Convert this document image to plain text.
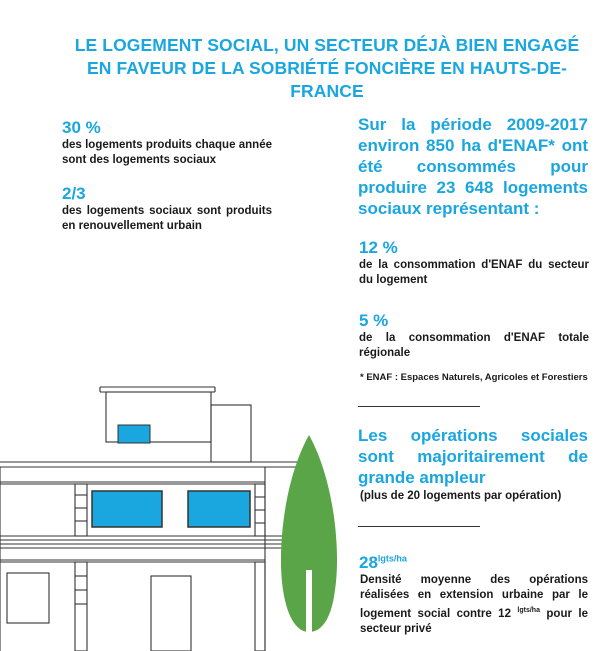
LE LOGEMENT SOCIAL, UN SECTEUR DÉJÀ BIEN ENGAGÉ EN FAVEUR DE LA SOBRIÉTÉ FONCIÈRE EN HAUTS-DE-FRANCE
30 %
des logements produits chaque année sont des logements sociaux
2/3
des logements sociaux sont produits en renouvellement urbain
Sur la période 2009-2017 environ 850 ha d'ENAF* ont été consommés pour produire 23 648 logements sociaux représentant :
12 %
de la consommation d'ENAF du secteur du logement
5 %
de la consommation d'ENAF totale régionale
* ENAF : Espaces Naturels, Agricoles et Forestiers
Les opérations sociales sont majoritairement de grande ampleur
(plus de 20 logements par opération)
$28^{lgts/ha}$
Densité moyenne des opérations réalisées en extension urbaine par le logement social contre 12 $^{lgts/ha}$ pour le secteur privé
